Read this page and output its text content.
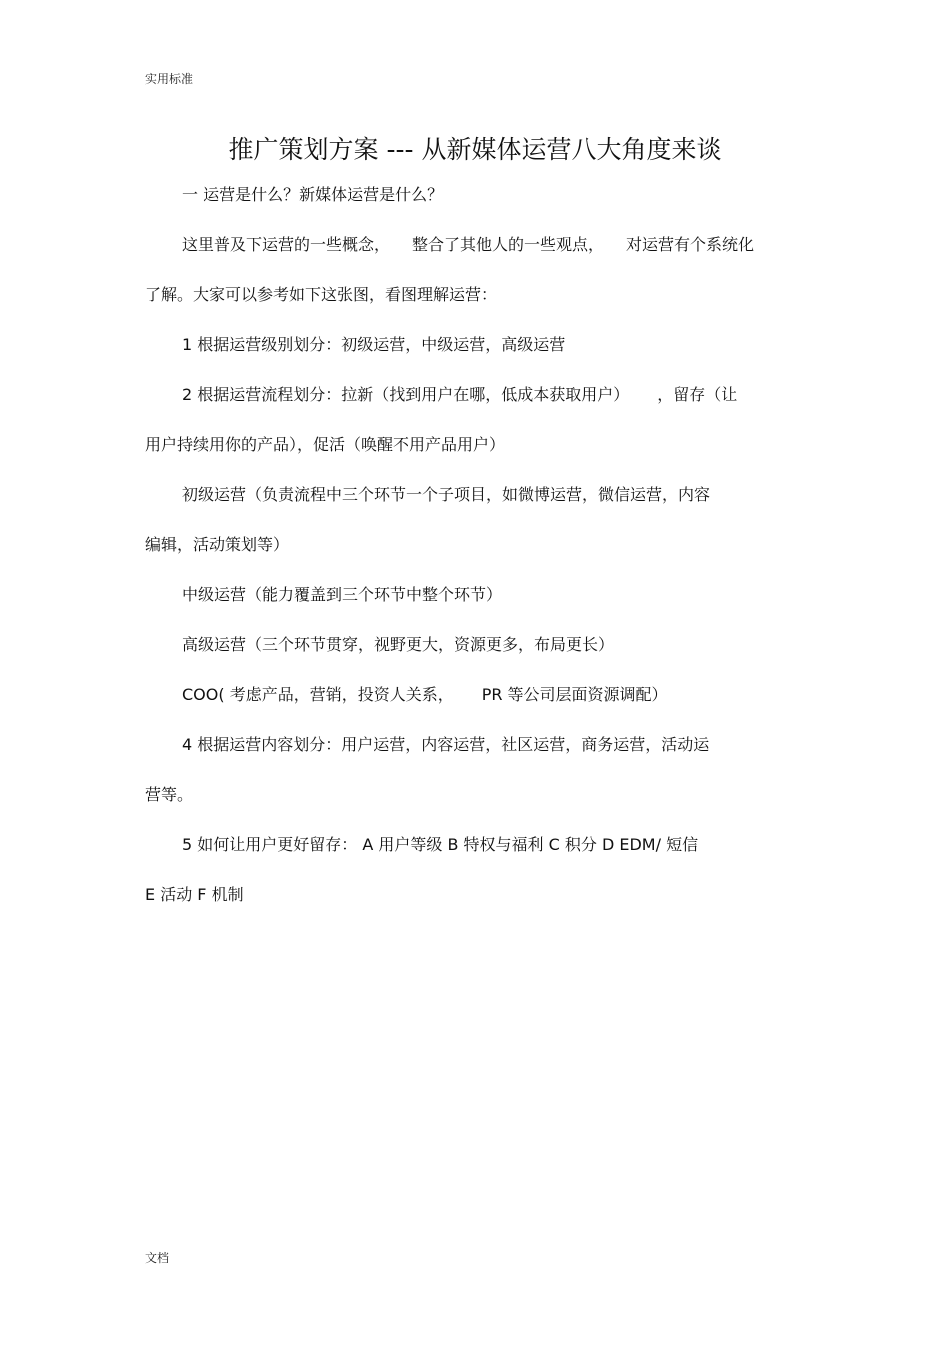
实用标准
推广策划方案 --- 从新媒体运营八大角度来谈
一 运营是什么？新媒体运营是什么？
这里普及下运营的一些概念， 整合了其他人的一些观点， 对运营有个系统化
了解。大家可以参考如下这张图，看图理解运营：
1 根据运营级别划分：初级运营，中级运营，高级运营
2 根据运营流程划分：拉新（找到用户在哪，低成本获取用户） ，留存（让
用户持续用你的产品），促活（唤醒不用产品用户）
初级运营（负责流程中三个环节一个子项目，如微博运营，微信运营，内容
编辑，活动策划等）
中级运营（能力覆盖到三个环节中整个环节）
高级运营（三个环节贯穿，视野更大，资源更多，布局更长）
COO( 考虑产品，营销，投资人关系， PR 等公司层面资源调配）
4 根据运营内容划分：用户运营，内容运营，社区运营，商务运营，活动运
营等。
5 如何让用户更好留存： A 用户等级 B 特权与福利 C 积分 D EDM/ 短信
E 活动 F 机制
文档
